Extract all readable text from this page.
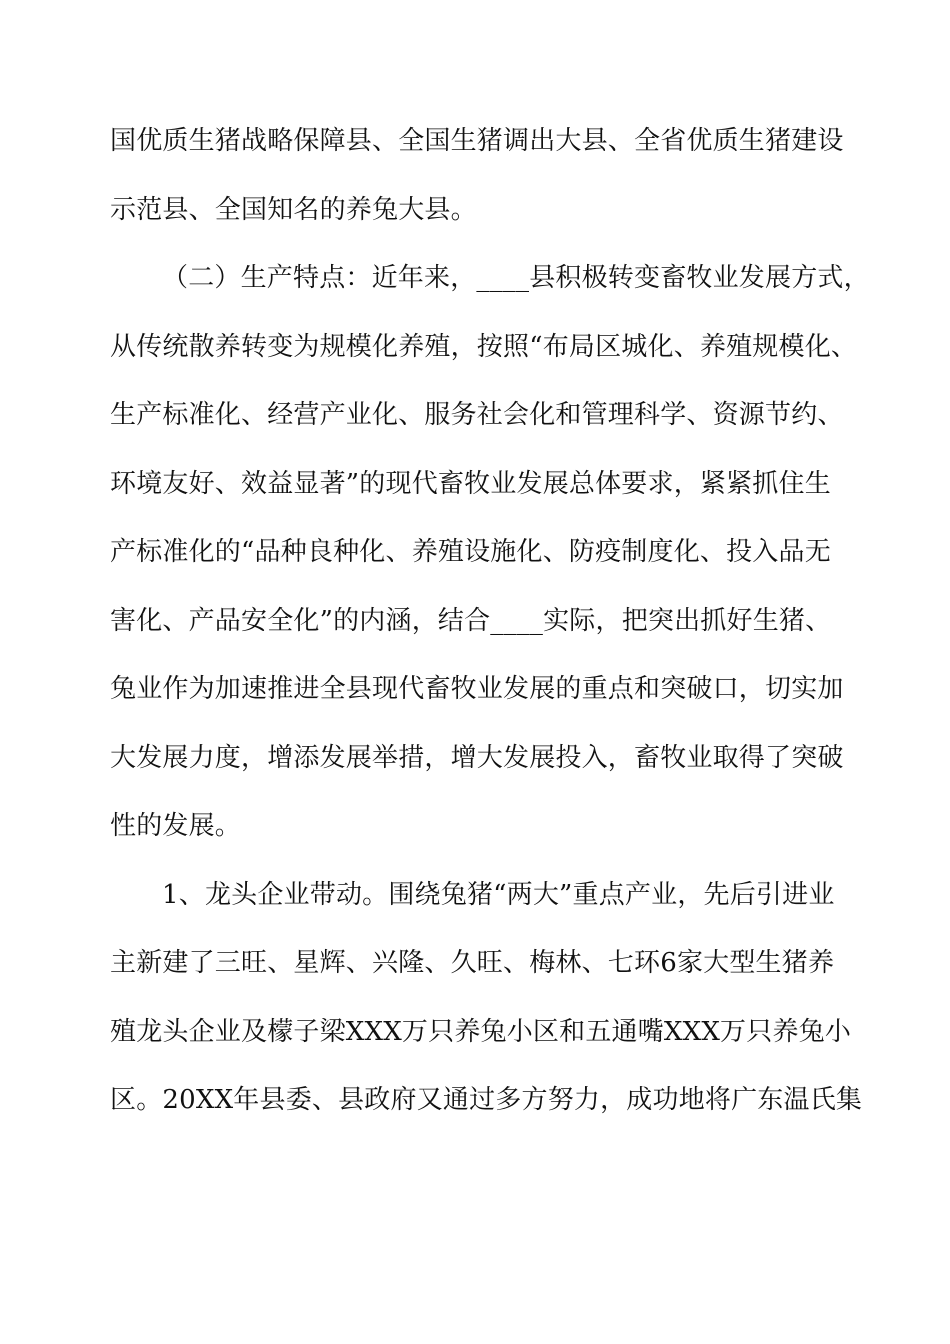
国优质生猪战略保障县、全国生猪调出大县、全省优质生猪建设
示范县、全国知名的养兔大县。
（二）生产特点：近年来，____县积极转变畜牧业发展方式，
从传统散养转变为规模化养殖，按照“布局区城化、养殖规模化、
生产标准化、经营产业化、服务社会化和管理科学、资源节约、
环境友好、效益显著”的现代畜牧业发展总体要求，紧紧抓住生
产标准化的“品种良种化、养殖设施化、防疫制度化、投入品无
害化、产品安全化”的内涵，结合____实际，把突出抓好生猪、
兔业作为加速推进全县现代畜牧业发展的重点和突破口，切实加
大发展力度，增添发展举措，增大发展投入，畜牧业取得了突破
性的发展。
1、龙头企业带动。围绕兔猪“两大”重点产业，先后引进业
主新建了三旺、星辉、兴隆、久旺、梅林、七环6家大型生猪养
殖龙头企业及檬子梁XXX万只养兔小区和五通嘴XXX万只养兔小
区。20XX年县委、县政府又通过多方努力，成功地将广东温氏集
